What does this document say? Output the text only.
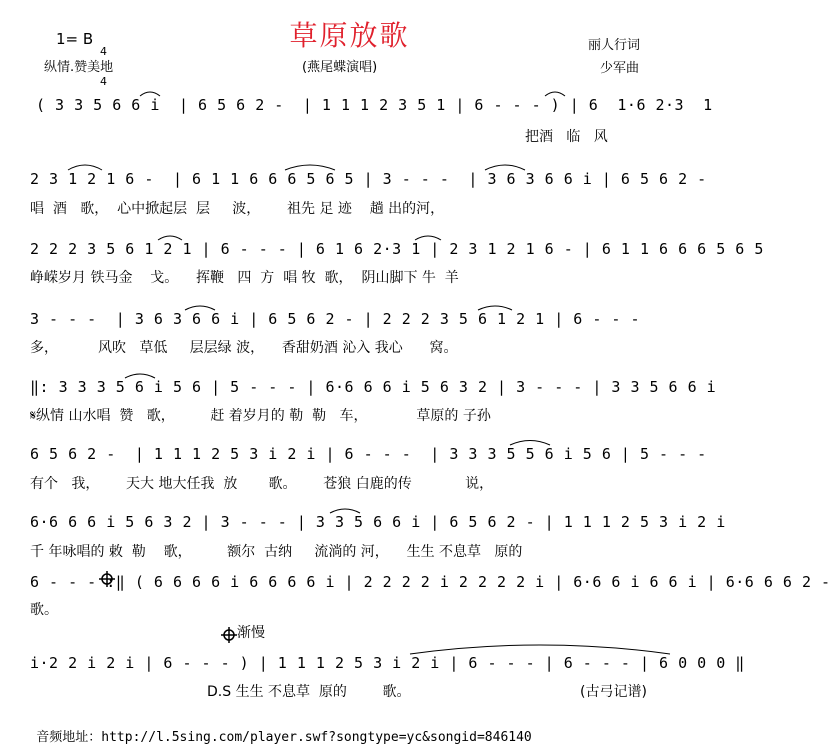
草原放歌
1= B

4

4

纵情.赞美地	(燕尾蝶演唱)
丽人行词
少军曲
( 3 3 5 6 6 i  | 6 5 6 2 -  | 1 1 1 2 3 5 1 | 6 - - - ) | 6  1·6 2·3  1
把酒   临   风
2 3 1 2 1 6 -  | 6 1 1 6 6 6 5 6 5 | 3 - - -  | 3 6 3 6 6 i | 6 5 6 2 -
唱  酒   歌，  心中掀起层  层     波，      祖先 足 迹    趟 出的河，
2 2 2 3 5 6 1 2 1 | 6 - - - | 6 1 6 2·3 1 | 2 3 1 2 1 6 - | 6 1 1 6 6 6 5 6 5
峥嵘岁月 铁马金    戈。    挥鞭   四  方  唱 牧  歌，  阴山脚下 牛  羊
3 - - -  | 3 6 3 6 6 i | 6 5 6 2 - | 2 2 2 3 5 6 1 2 1 | 6 - - -
多，         风吹   草低     层层绿 波，    香甜奶酒 沁入 我心      窝。
‖: 3 3 3 5 6 i 5 6 | 5 - - - | 6·6 6 6 i 5 6 3 2 | 3 - - - | 3 3 5 6 6 i
𝄋纵情 山水唱  赞   歌，        赶 着岁月的 勒  勒   车，           草原的 子孙
6 5 6 2 -  | 1 1 1 2 5 3 i 2 i | 6 - - -  | 3 3 3 5 5 6 i 5 6 | 5 - - -
有个   我，      天大 地大任我  放       歌。      苍狼 白鹿的传            说，
6·6 6 6 i 5 6 3 2 | 3 - - - | 3 3 5 6 6 i | 6 5 6 2 - | 1 1 1 2 5 3 i 2 i
千 年咏唱的 敕  勒    歌，        额尔  古纳     流淌的 河，    生生 不息草   原的
6 - - - :‖ ( 6 6 6 6 i 6 6 6 6 i | 2 2 2 2 i 2 2 2 2 i | 6·6 6 i 6 6 i | 6·6 6 6 2 -
歌。
渐慢
i·2 2 i 2 i | 6 - - - ) | 1 1 1 2 5 3 i 2 i | 6 - - - | 6 - - - | 6 0 0 0 ‖
D.S 生生 不息草  原的        歌。	(古弓记谱)

音频地址：http://l.5sing.com/player.swf?songtype=yc&songid=846140
